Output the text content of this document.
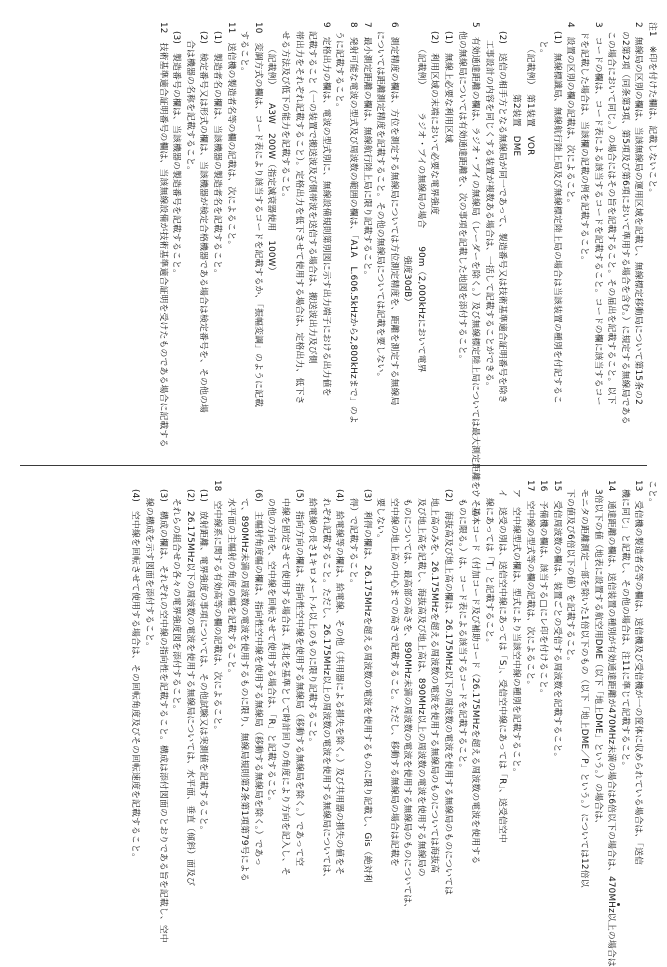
注1　※印を付けた欄は、記載しないこと。

2　無線局の区別の欄は、当該無線局の運用区域を記載し、無線標定移動局について第15条の2

　の2第2項（同条第3項、第5項及び第6項において準用する場合を含む。）に規定する無線局である

　この場合において同じ。）の場合にはその旨を記載すること。その届出を記載すること。以下

3　コードの欄は、コード表による該当するコードを記載すること。コードの欄に該当するコー

　ドを記載した場合は、当該欄の記載の例を記載すること。

4　設置の区別の欄の記載は、次によること。

　(1)　無線標識局、無線航行陸上局及び無線標定陸上局の場合は当該装置の種別を付記するこ

　　と。

　　　（記載例）　第1装置　VOR

　　　　　　　　第2装置　DME

　(2)　送信の相手方となる無線局が同一であって、製造番号又は技術基準適合証明番号を除き

　　工事設計の内容を同じくする装置が複数ある場合は、一括して記載することができる。

5　有効通達距離の欄は、ラジオ・ブイの無線局（レーダーを除く。）及び無線標定陸上局については最大測定距離を、その

　他の無線局については有効通達距離を、次の事項を記載した地図を添付すること。

　(1)　無線上必要な利用区域

　(2)　利用区域の末端において必要な電界強度

　　　（記載例）　　　ラジオ・ブイの無線局の場合　　90m（2,000kHzにおいて電界

　　　　　　　　　　　　　　　　　　　　　　　　　　強度30dB）

6　測定精度の欄は、方位を測定する無線局については方位測定精度を、距離を測定する無線局

　については距離測定精度を記載すること。その他の無線局については記載を要しない。

7　最小測定距離の欄は、無線航行陸上局に限り記載すること。

8　発射可能な電波の型式及び周波数の範囲の欄は、「A1A　L.606.5kHzから2,800kHzまで」のよ

　うに記載すること。

9　定格出力の欄は、電波の型式別に、無線設備規則第別図に示す出力端子における出力値を

　記載すること（一の装置で搬送波及び側帯波を送信する場合は、搬送波出力及び側

　帯出力をそれぞれ記載すること）。定格出力を低下させて使用する場合は、定格出力、低下さ

　せる方法及び低下の能力を記載すること。

　　　（記載例）　　A3W　200W（指定減衰器使用　100W）

10　変調方式の欄は、コード表により該当するコードを記載するか、「振幅変調」のように記載

　すること。

11　送信機の製造者名等の欄の記載は、次によること。

　(1)　製造者名の欄は、当該機器の製造者名を記載すること。

　(2)　検定番号又は形式の欄は、当該機器が検定合格機器である場合は検定番号を、その他の場

　　合は機器の名称を記載すること。

　(3)　製造番号の欄は、当該機器の製造番号を記載すること。

12　技術基準適合証明番号の欄は、当該無線設備が技術基準適合証明を受けたものである場合に記載する

こと。

13　受信機の製造者名等の欄は、送信機及び受信機が一の筐体に収められている場合は、「送信

　機に同じ」と記載し、その他の場合は、注11に準じて記載すること。

14　通達距離の欄は、送信装置の種別が有効通達距離が470MHz未満の場合は6倍以下の場合は、470MHz以上の場合は

　3倍以下の値（地表に設置する航空用DME（以下「地上DME」という。）の場合は、

　モニタの距離測定一部を除いた1倍以下のもの（以下「地上DME／P」という。）については12倍以

　下の値及び6倍以下の値）を記載すること。

15　受信周波数の欄は、装置ごとの受信する周波数を記載すること。

16　予備機の欄は、該当する□にレ印を付けること。

17　空中線の型式等の欄の記載は、次によること。

　ア　空中線型式の欄は、型式により当該空中線の種別を記載すること。

　イ　送受の別は、送信空中線にあっては「S」、受信空中線にあっては「R」、送受信空中

　　線にあっては「T」と記載すること。

　ウ　基本コード（付加コード及び補助コード（26.175MHzを超える周波数の電波を使用する

　　ものに限る。）は、コード表による該当するコードを記載すること。

　(2)　海抜高及び地上高の欄は、26.175MHz以下の周波数の電波を使用する無線局のものについては

　　地上高のみを、26.175MHzを超える周波数の電波を使用する無線局のものについては海抜高

　　及び地上高を記載し、海抜高及び地上高は、890MHz以上の周波数の電波を使用する無線局の

　　ものについては、最高部の高さを、890MHz未満の周波数の電波を使用する無線局のものについては、

　　空中線の地上高の中心までの高さで記載すること。ただし、移動する無線局の場合は記載を

　　要しない。

　(3)　利得の欄は、26.175MHzを超える周波数の電波を使用するものに限り記載し、Gis（絶対利

　　得）で記載すること。

　(4)　給電線等の欄は、給電線、その他（共用器による損失を除く。）及び共用器の損失の値をそ

　　れぞれ記載すること。ただし、26.175MHz以上の周波数の電波を使用する無線局については、

　　給電線の長さ1キロメートル以上のものに限り記載すること。

　(5)　指向方向の欄は、指向性空中線を使用する無線局（移動する無線局を除く。）であって空

　　中線を固定させて使用する場合は、真北を基準として時計回りの角度により方向を記入し、そ

　　の他の方向を、空中線を回転させて使用する場合は、「R」と記載すること。

　(6)　主幅射角度幅の欄は、指向性空中線を使用する無線局（移動する無線局を除く。）であっ

　　て、890MHz未満の周波数の電波を使用するものに限り、無線局規則第2条第1項第79号による

　　水平面の主幅射の角度の幅を記載すること。

18　空中線系に関する有効高等の欄の記載は、次によること。

　(1)　放射距離、電界強度の事項については、その他試験又は実測値を記載すること。

　(2)　26.175MHz以下の周波数の電波を使用する無線局については、水平面、垂直（傾斜）面及び

　　それらの組合せの各々の電界強度図を添付すること。

　(3)　構成の欄は、それぞれの空中線の指向性を記載すること。構成は添付図面のとおりである旨を記載し、空中

　　線の構成を示す図面を添付すること。

　(4)　空中線を回転させて使用する場合は、その回転角度及びその回転速度を記載すること。
